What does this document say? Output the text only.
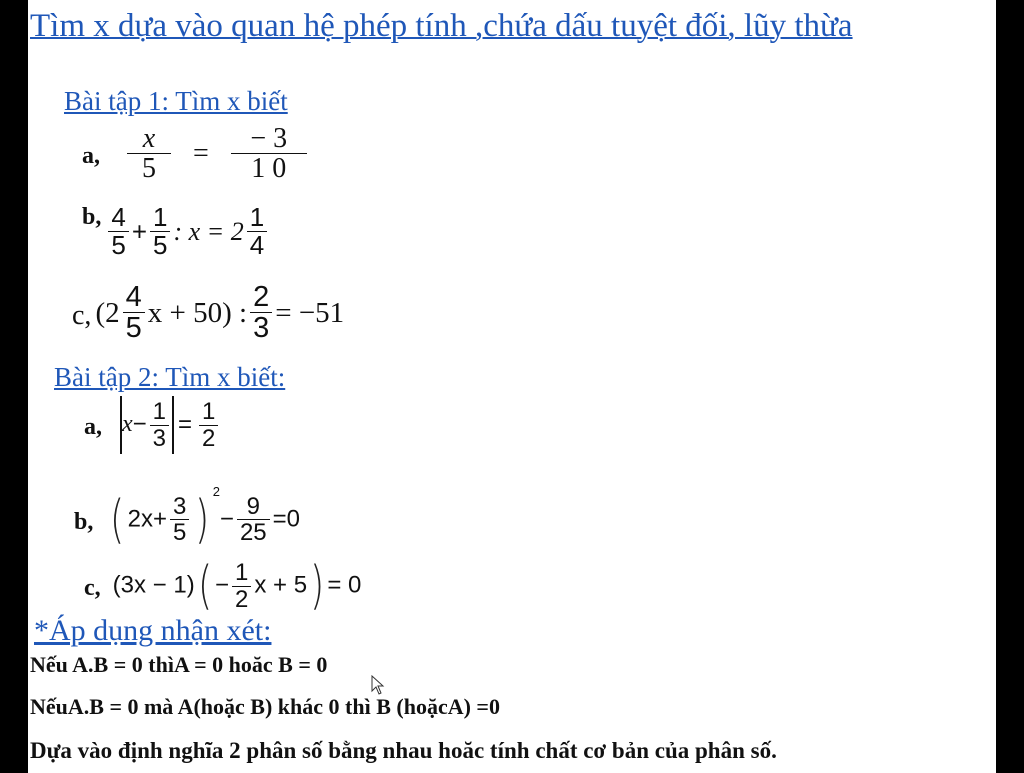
Tìm x dựa vào quan hệ phép tính ,chứa dấu tuyệt đối, lũy thừa
Bài tập 1: Tìm x biết
a, $\frac{x}{5} = \frac{- 3}{1 0}$
b, $\frac{4}{5} + \frac{1}{5}$ : $x = 2 \frac{1}{4}$
c, ($2 \frac{4}{5}$ x + 50) : $\frac{2}{3} = -51$
Bài tập 2: Tìm x biết:
a, $x- \frac{1}{3} = \frac{1}{2}$
b, ( $2x+ \frac{3}{5}$ ) $^2- \frac{9}{25} =0$
c, $(3x - 1)( - \frac{1}{2}$ x + 5) = 0
*Áp dụng nhận xét:
Nếu A.B = 0 thìA = 0 hoăc B = 0
NếuA.B = 0 mà A(hoặc B) khác 0 thì B (hoặcA) =0
Dựa vào định nghĩa 2 phân số bằng nhau hoăc tính chất cơ bản của phân số.
